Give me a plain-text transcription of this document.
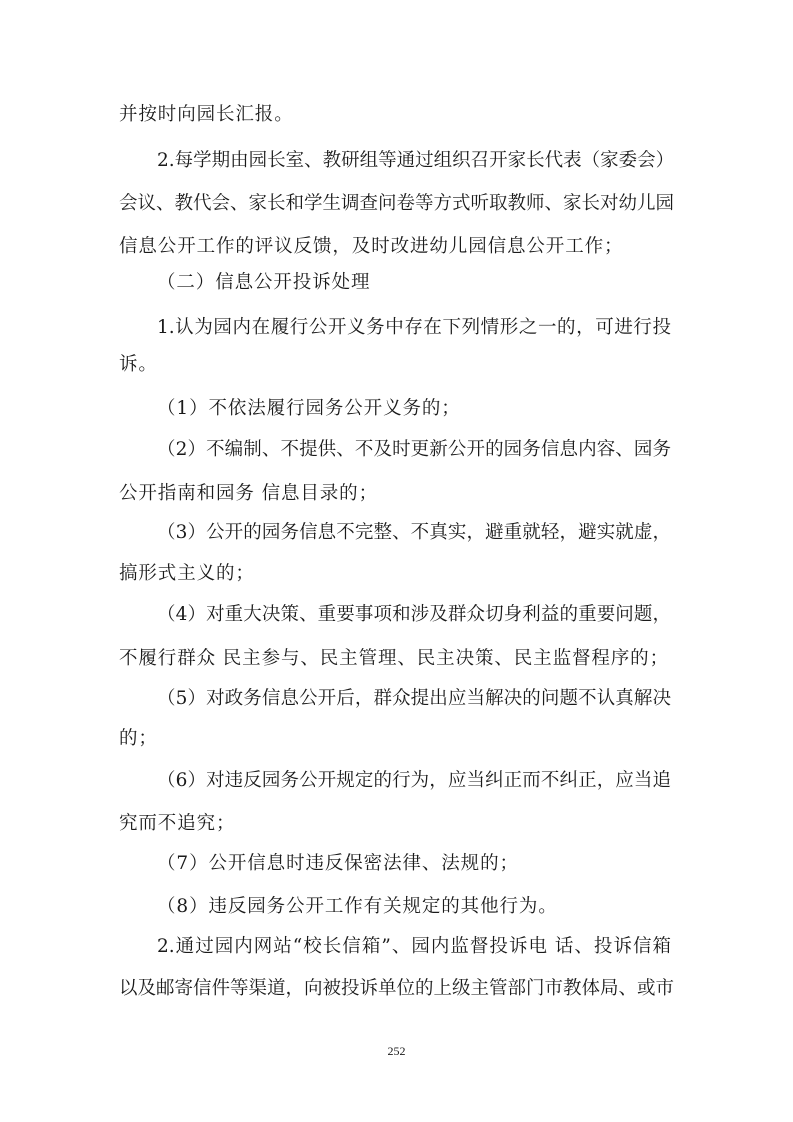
并按时向园长汇报。
2.每学期由园长室、教研组等通过组织召开家长代表（家委会）
会议、教代会、家长和学生调查问卷等方式听取教师、家长对幼儿园
信息公开工作的评议反馈，及时改进幼儿园信息公开工作；
（二）信息公开投诉处理
1.认为园内在履行公开义务中存在下列情形之一的，可进行投
诉。
（1）不依法履行园务公开义务的；
（2）不编制、不提供、不及时更新公开的园务信息内容、园务
公开指南和园务 信息目录的；
（3）公开的园务信息不完整、不真实，避重就轻，避实就虚，
搞形式主义的；
（4）对重大决策、重要事项和涉及群众切身利益的重要问题，
不履行群众 民主参与、民主管理、民主决策、民主监督程序的；
（5）对政务信息公开后，群众提出应当解决的问题不认真解决
的；
（6）对违反园务公开规定的行为，应当纠正而不纠正，应当追
究而不追究；
（7）公开信息时违反保密法律、法规的；
（8）违反园务公开工作有关规定的其他行为。
2.通过园内网站“校长信箱”、园内监督投诉电 话、投诉信箱
以及邮寄信件等渠道，向被投诉单位的上级主管部门市教体局、或市
252
